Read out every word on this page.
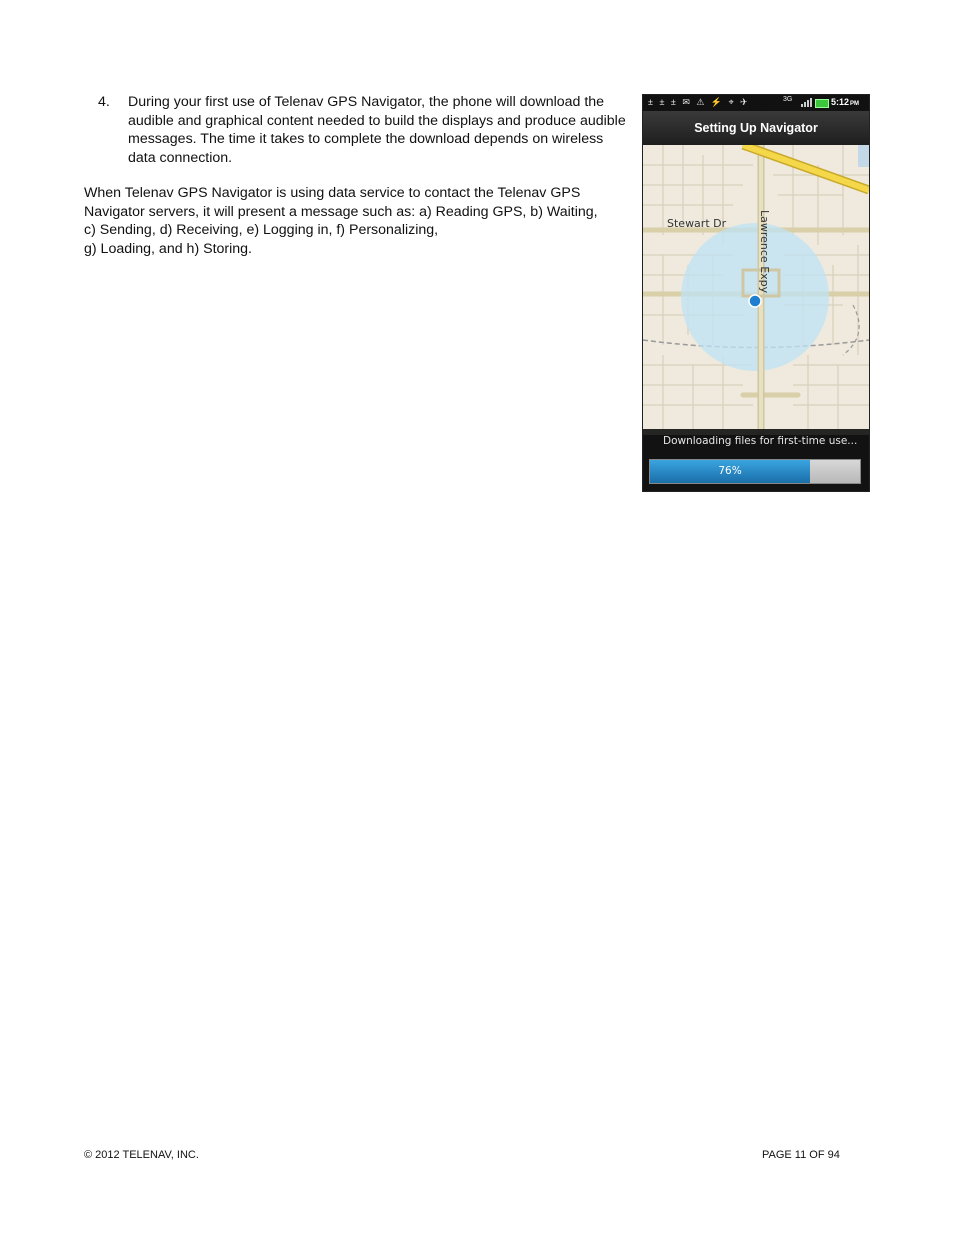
4. During your first use of Telenav GPS Navigator, the phone will download the audible and graphical content needed to build the displays and produce audible messages. The time it takes to complete the download depends on wireless data connection.
When Telenav GPS Navigator is using data service to contact the Telenav GPS
Navigator servers, it will present a message such as: a) Reading GPS, b) Waiting,
c) Sending, d) Receiving, e) Logging in, f) Personalizing,
g) Loading, and h) Storing.
± ± ± ✉ ⚠ ⚡ ⌖ ✈	3G	5:12PM
Setting Up Navigator
Stewart Dr	Lawrence Expy
Downloading files for first-time use...
76%
© 2012 TELENAV, INC.	PAGE 11 OF 94
